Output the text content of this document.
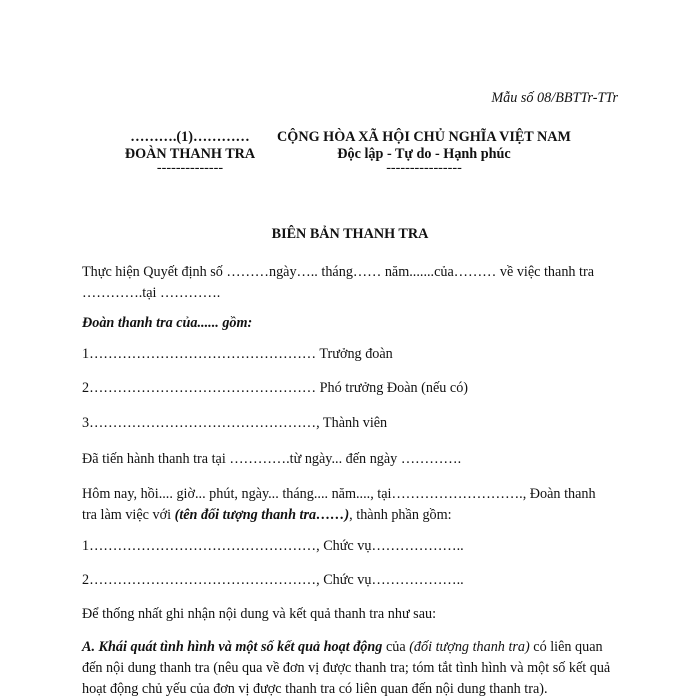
Mẫu số 08/BBTTr-TTr
……….(1)…………
ĐOÀN THANH TRA
--------------
CỘNG HÒA XÃ HỘI CHỦ NGHĨA VIỆT NAM
Độc lập - Tự do - Hạnh phúc
----------------
BIÊN BẢN THANH TRA
Thực hiện Quyết định số ………ngày….. tháng…… năm.......của……… về việc thanh tra ………….tại ………….
Đoàn thanh tra của...... gồm:
1………………………………………… Trưởng đoàn
2………………………………………… Phó trưởng Đoàn (nếu có)
3…………………………………………, Thành viên
Đã tiến hành thanh tra tại ………….từ ngày... đến ngày ………….
Hôm nay, hồi.... giờ... phút, ngày... tháng.... năm...., tại………………………., Đoàn thanh tra làm việc với (tên đối tượng thanh tra……), thành phần gồm:
1…………………………………………, Chức vụ………………..
2…………………………………………, Chức vụ………………..
Để thống nhất ghi nhận nội dung và kết quả thanh tra như sau:
A. Khái quát tình hình và một số kết quả hoạt động của (đối tượng thanh tra) có liên quan đến nội dung thanh tra (nêu qua về đơn vị được thanh tra; tóm tắt tình hình và một số kết quả hoạt động chủ yếu của đơn vị được thanh tra có liên quan đến nội dung thanh tra).
